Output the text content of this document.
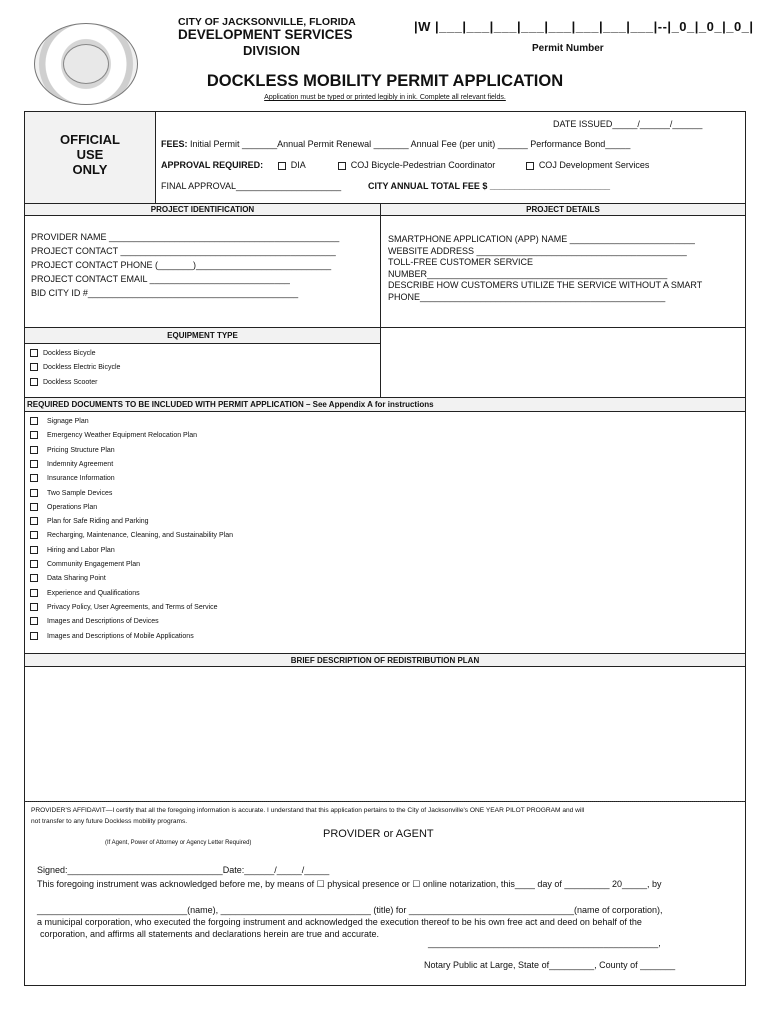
CITY OF JACKSONVILLE, FLORIDA
DEVELOPMENT SERVICES
DIVISION
|W |___|___|___|___|___|___|___|___|--|_0_|_0_|_0_|
Permit Number
DOCKLESS MOBILITY PERMIT APPLICATION
Application must be typed or printed legibly in ink. Complete all relevant fields.
OFFICIAL
USE
ONLY
DATE ISSUED_____/______/______
FEES: Initial Permit _______Annual Permit Renewal _______ Annual Fee (per unit) ______ Performance Bond_____
APPROVAL REQUIRED:	DIA	COJ Bicycle-Pedestrian Coordinator	COJ Development Services
FINAL APPROVAL_____________________	CITY ANNUAL TOTAL FEE $ ________________________
PROJECT IDENTIFICATION	PROJECT DETAILS
PROVIDER NAME ______________________________________________
PROJECT CONTACT ___________________________________________
PROJECT CONTACT PHONE (_______)___________________________
PROJECT CONTACT EMAIL ____________________________
BID CITY ID #__________________________________________
SMARTPHONE APPLICATION (APP) NAME _________________________
WEBSITE ADDRESS __________________________________________
TOLL-FREE CUSTOMER SERVICE
NUMBER________________________________________________
DESCRIBE HOW CUSTOMERS UTILIZE THE SERVICE WITHOUT A SMART
PHONE_________________________________________________
EQUIPMENT TYPE
Dockless Bicycle
Dockless Electric Bicycle
Dockless Scooter
REQUIRED DOCUMENTS TO BE INCLUDED WITH PERMIT APPLICATION – See Appendix A for instructions
Signage Plan
Emergency Weather Equipment Relocation Plan
Pricing Structure Plan
Indemnity Agreement
Insurance Information
Two Sample Devices
Operations Plan
Plan for Safe Riding and Parking
Recharging, Maintenance, Cleaning, and Sustainability Plan
Hiring and Labor Plan
Community Engagement Plan
Data Sharing Point
Experience and Qualifications
Privacy Policy, User Agreements, and Terms of Service
Images and Descriptions of Devices
Images and Descriptions of Mobile Applications
BRIEF DESCRIPTION OF REDISTRIBUTION PLAN
PROVIDER'S AFFIDAVIT—I certify that all the foregoing information is accurate. I understand that this application pertains to the City of Jacksonville's ONE YEAR PILOT PROGRAM and will
not transfer to any future Dockless mobility programs.
PROVIDER or AGENT
(If Agent, Power of Attorney or Agency Letter Required)
Signed:_______________________________Date:______/_____/_____
This foregoing instrument was acknowledged before me, by means of ☐ physical presence or ☐ online notarization, this____ day of _________ 20_____, by
______________________________(name), ______________________________ (title) for _________________________________(name of corporation),
a municipal corporation, who executed the forgoing instrument and acknowledged the execution thereof to be his own free act and deed on behalf of the
corporation, and affirms all statements and declarations herein are true and accurate.
______________________________________________,
Notary Public at Large, State of_________, County of _______
